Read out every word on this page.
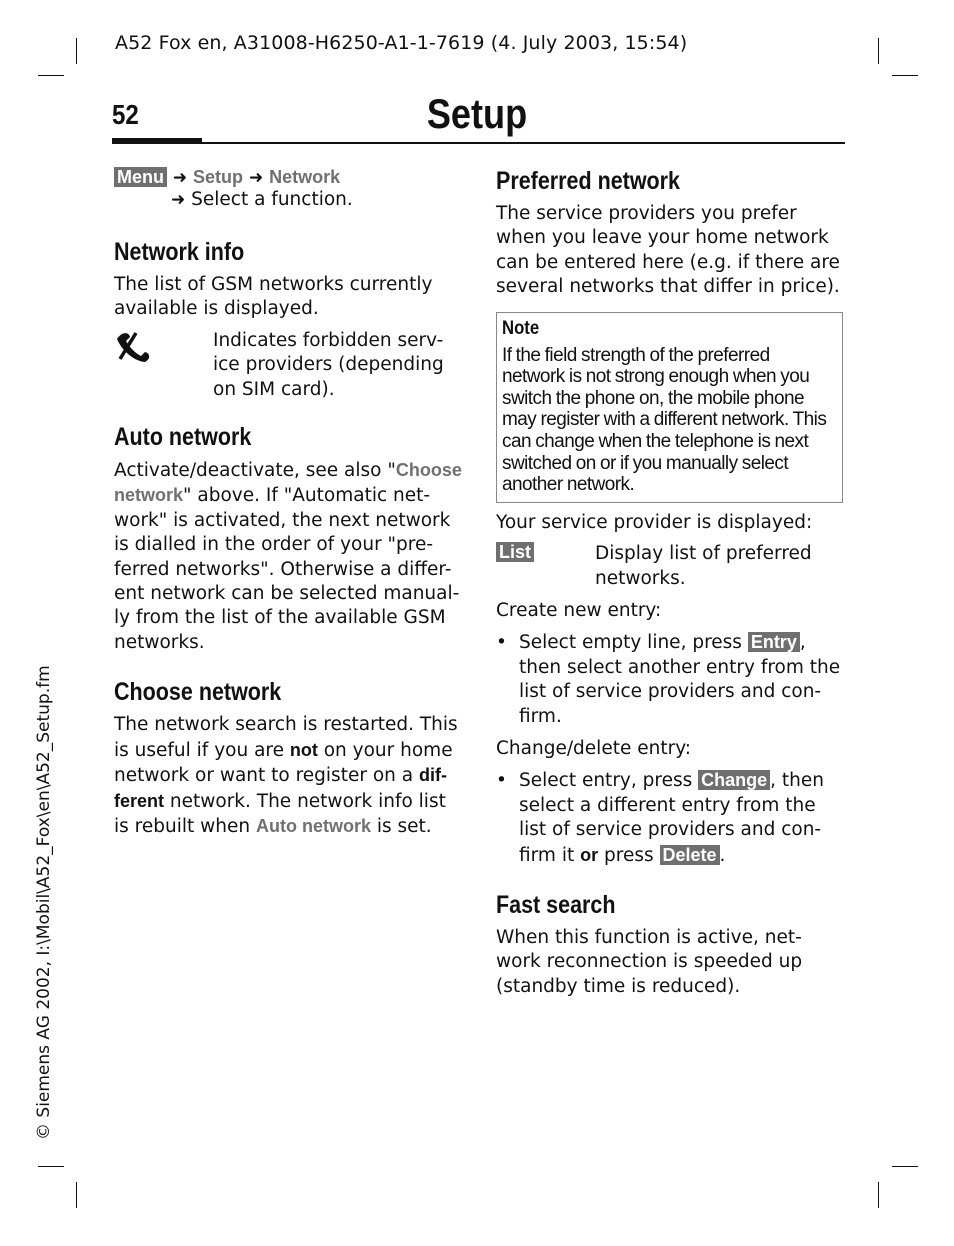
A52 Fox en, A31008-H6250-A1-1-7619 (4. July 2003, 15:54)
52	Setup
Menu ➜ Setup ➜ Network
➜ Select a function.
Network info

The list of GSM networks currently available is displayed.

Indicates forbidden serv-ice providers (depending on SIM card).

Auto network

Activate/deactivate, see also "Choose network" above. If "Automatic net-work" is activated, the next network is dialled in the order of your "pre-ferred networks". Otherwise a differ-ent network can be selected manual-ly from the list of the available GSM networks.

Choose network

The network search is restarted. This is useful if you are not on your home network or want to register on a dif-ferent network. The network info list is rebuilt when Auto network is set.

Preferred network

The service providers you prefer when you leave your home network can be entered here (e.g. if there are several networks that differ in price).

Note
If the field strength of the preferred network is not strong enough when you switch the phone on, the mobile phone may register with a different network. This can change when the telephone is next switched on or if you manually select another network.

Your service provider is displayed:

List	Display list of preferred networks.

Create new entry:

• Select empty line, press Entry , then select another entry from the list of service providers and con-firm.

Change/delete entry:

• Select entry, press Change , then select a different entry from the list of service providers and con-firm it or press Delete .

Fast search

When this function is active, net-work reconnection is speeded up (standby time is reduced).

© Siemens AG 2002, I:\Mobil\A52_Fox\en\A52_Setup.fm
